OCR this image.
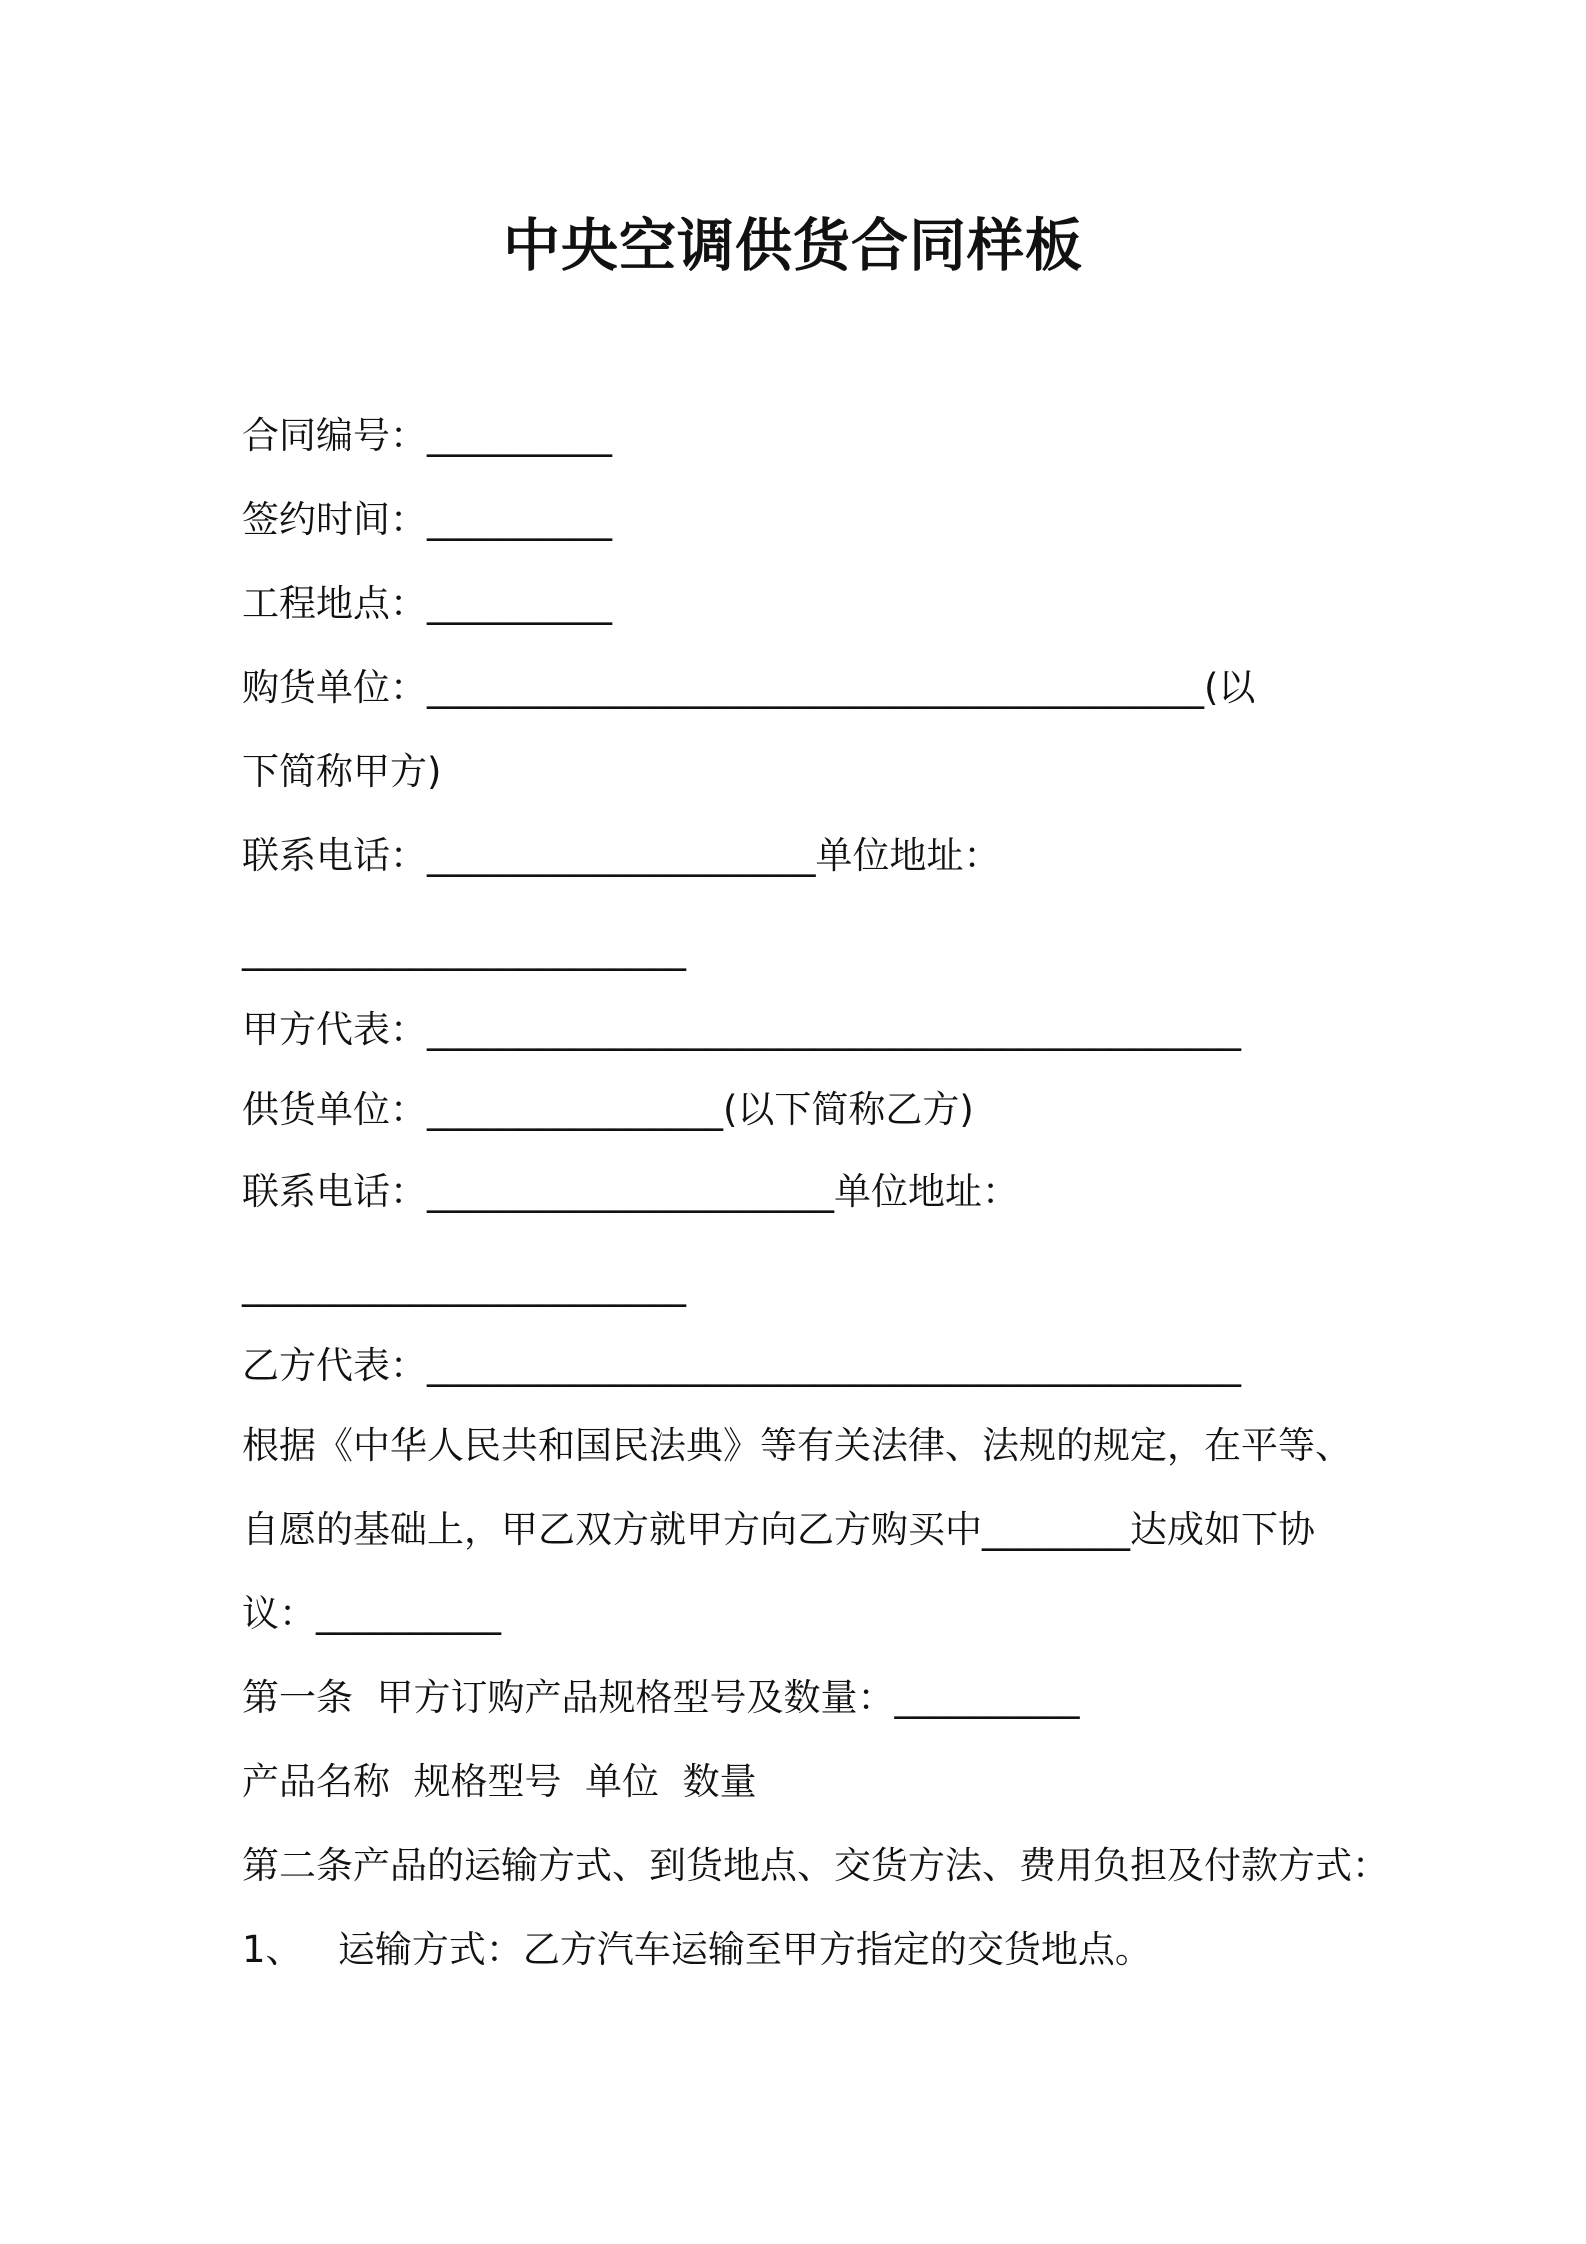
中央空调供货合同样板

合同编号：__________

签约时间：__________

工程地点：__________

购货单位：__________________________________________(以

下简称甲方)

联系电话：_____________________单位地址：

________________________

甲方代表：____________________________________________

供货单位：________________(以下简称乙方)

联系电话：______________________单位地址：

________________________

乙方代表：____________________________________________

根据《中华人民共和国民法典》等有关法律、法规的规定，在平等、

自愿的基础上，甲乙双方就甲方向乙方购买中________达成如下协

议：__________

第一条  甲方订购产品规格型号及数量：__________

产品名称  规格型号  单位  数量

第二条产品的运输方式、到货地点、交货方法、费用负担及付款方式：

1、   运输方式：乙方汽车运输至甲方指定的交货地点。
